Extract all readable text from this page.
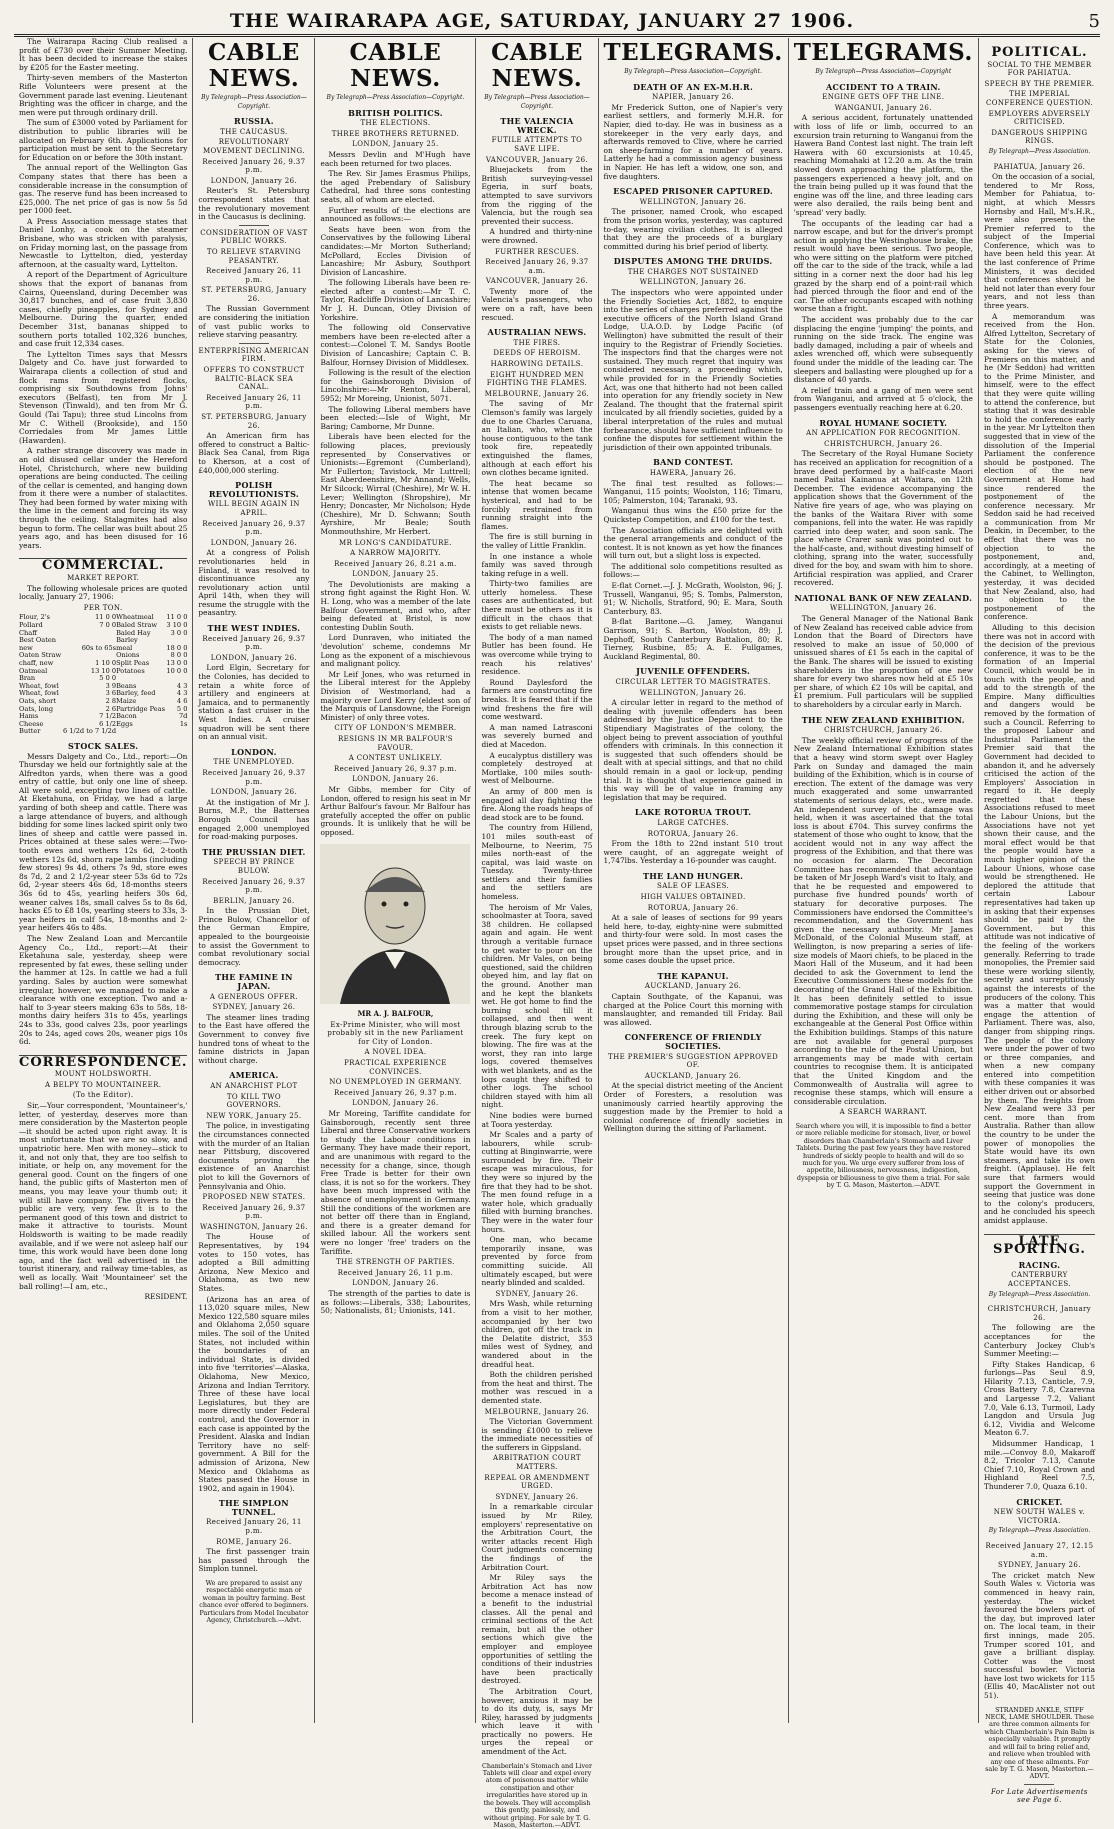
THE WAIRARAPA AGE, SATURDAY, JANUARY 27 1906.	5

The Wairarapa Racing Club realised a profit of £730 over their Summer Meeting. It has been decided to increase the stakes by £205 for the Easter meeting.

Thirty-seven members of the Masterton Rifle Volunteers were present at the Government parade last evening. Lieutenant Brighting was the officer in charge, and the men were put through ordinary drill.

The sum of £3000 voted by Parliament for distribution to public libraries will be allocated on February 6th. Applications for participation must be sent to the Secretary for Education on or before the 30th instant.

The annual report of the Wellington Gas Company states that there has been a considerable increase in the consumption of gas. The reserve fund has been increased to £25,000. The net price of gas is now 5s 5d per 1000 feet.

A Press Association message states that Daniel Lonhy, a cook on the steamer Brisbane, who was stricken with paralysis, on Friday morning last, on the passage from Newcastle to Lyttelton, died, yesterday afternoon, at the casualty ward, Lyttelton.

A report of the Department of Agriculture shows that the export of bananas from Cairns, Queensland, during December was 30,817 bunches, and of case fruit 3,830 cases, chiefly pineapples, for Sydney and Melbourne. During the quarter, ended December 31st, bananas shipped to southern ports totalled 102,326 bunches, and case fruit 12,334 cases.

The Lyttelton Times says that Messrs Dalgety and Co. have just forwarded to Wairarapa clients a collection of stud and flock rams from registered flocks, comprising six Southdowns from Johns' executors (Belfast), ten from Mr J. Stevenson (Tinwald), and ten from Mr G. Gould (Tai Tapu); three stud Lincolns from Mr C. Withell (Brookside), and 150 Corriedales from Mr James Little (Hawarden).

A rather strange discovery was made in an old disused cellar under the Hereford Hotel, Christchurch, where new building operations are being conducted. The ceiling of the cellar is cemented, and hanging down from it there were a number of stalactites. They had been formed by water mixing with the lime in the cement and forcing its way through the ceiling. Stalagmites had also begun to form. The cellar was built about 25 years ago, and has been disused for 16 years.

COMMERCIAL.
MARKET REPORT.

The following wholesale prices are quoted locally, January 27, 1906:

PER TON.
Flour, 2's	11 0 0	Wheatmeal	11 0 0
Pollard	7 0 0	Baled Straw	3 10 0
Chaff		Baled Hay	3 0 0
Best Oaten		Barley	
new	60s to 65s	meal	18 0 0
Oaten Straw		Onions	8 0 0
chaff, new	1 10 0	Split Peas	13 0 0
Oatmeal	13 10 0	Potatoes	10 0 0
Bran	5 0 0		
Wheat, fowl	3 9	Beans	4 3
Wheat, fowl	3 6	Barley, feed	4 3
Oats, short	2 8	Maize	4 6
Oats, long	2 6	Partridge Peas	5 0
Hams	7 1/2	Bacon	7d
Cheese	6 1/2	Eggs	1s
Butter	6 1/2d to 7 1/2d		
STOCK SALES.

Messrs Dalgety and Co., Ltd., report:—On Thursday we held our fortnightly sale at the Alfredton yards, when there was a good entry of cattle, but only one line of sheep. All were sold, excepting two lines of cattle. At Eketahuna, on Friday, we had a large yarding of both sheep and cattle. There was a large attendance of buyers, and although bidding for some lines lacked spirit only two lines of sheep and cattle were passed in. Prices obtained at these sales were:—Two-tooth ewes and wethers 12s 6d, 2-tooth wethers 12s 6d, shorn rape lambs (including few stores) 9s 4d, others 7s 9d, store ewes 8s 7d, 2 and 2 1/2-year steer 53s 6d to 72s 6d, 2-year steers 46s 6d, 18-months steers 36s 6d to 45s, yearling heifers 30s 6d, weaner calves 18s, small calves 5s to 8s 6d, hacks £5 to £8 10s, yearling steers to 33s, 3-year heifers in calf 54s, 18-months and 2-year heifers 46s to 48s.

The New Zealand Loan and Mercantile Agency Co., Ltd., report:—At their Eketahuna sale, yesterday, sheep were represented by fat ewes, these selling under the hammer at 12s. In cattle we had a full yarding. Sales by auction were somewhat irregular, however, we managed to make a clearance with one exception. Two and a-half to 3-year steers making 63s to 58s, 18-months dairy heifers 31s to 45s, yearlings 24s to 33s, good calves 23s, poor yearlings 20s to 24s, aged cows 20s, weaner pigs 10s 6d.

CORRESPONDENCE.
MOUNT HOLDSWORTH.
A BELPY TO MOUNTAINEER.
(To the Editor).

Sir,—Your correspondent, 'Mountaineer's,' letter, of yesterday, deserves more than mere consideration by the Masterton people—it should be acted upon right away. It is most unfortunate that we are so slow, and unpatriotic here. Men with money—stick to it, and not only that, they are too selfish to initiate, or help on, any movement for the general good. Count on the fingers of one hand, the public gifts of Masterton men of means, you may leave your thumb out; it will still have company. The givers to the public are very, very few. It is to the permanent good of this town and district to make it attractive to tourists. Mount Holdsworth is waiting to be made readily available, and if we were not asleep half our time, this work would have been done long ago, and the fact well advertised in the tourist itinerary, and railway time-tables, as well as locally. Wait 'Mountaineer' set the ball rolling!—I am, etc.,

RESIDENT.
CABLE NEWS.
By Telegraph—Press Association—Copyright.
RUSSIA.
THE CAUCASUS.
REVOLUTIONARY MOVEMENT DECLINING.
Received January 26, 9.37 p.m.
LONDON, January 26.

Reuter's St. Petersburg correspondent states that the revolutionary movement in the Caucasus is declining.

CONSIDERATION OF VAST PUBLIC WORKS.
TO RELIEVE STARVING PEASANTRY.
Received January 26, 11 p.m.
ST. PETERSBURG, January 26.

The Russian Government are considering the initiation of vast public works to relieve starving peasantry.

ENTERPRISING AMERICAN FIRM.
OFFERS TO CONSTRUCT BALTIC-BLACK SEA CANAL.
Received January 26, 11 p.m.
ST. PETERSBURG, January 26.

An American firm has offered to construct a Baltic-Black Sea Canal, from Riga to Kherson, at a cost of £40,000,000 sterling.

POLISH REVOLUTIONISTS.
WILL BEGIN AGAIN IN APRIL.
Received January 26, 9.37 p.m.
LONDON, January 26.

At a congress of Polish revolutionaries held in Finland, it was resolved to discontinuance any revolutionary action until April 14th, when they will resume the struggle with the peasantry.

THE WEST INDIES.
Received January 26, 9.37 p.m.
LONDON, January 26.

Lord Elgin, Secretary for the Colonies, has decided to retain a white force of artillery and engineers at Jamaica, and to permanently station a fast cruiser in the West Indies. A cruiser squadron will be sent there on an annual visit.

LONDON.
THE UNEMPLOYED.
Received January 26, 9.37 p.m.
LONDON, January 26.

At the instigation of Mr J. Burns, M.P., the Battersea Borough Council has engaged 2,000 unemployed for road-making purposes.

THE PRUSSIAN DIET.
SPEECH BY PRINCE BULOW.
Received January 26, 9.37 p.m.
BERLIN, January 26.

In the Prussian Diet, Prince Bulow, Chancellor of the German Empire, appealed to the bourgeoisie to assist the Government to combat revolutionary social democracy.

THE FAMINE IN JAPAN.
A GENEROUS OFFER.
SYDNEY, January 26.

The steamer lines trading to the East have offered the Government to convey five hundred tons of wheat to the famine districts in Japan without charge.

AMERICA.
AN ANARCHIST PLOT
TO KILL TWO GOVERNORS.
NEW YORK, January 25.

The police, in investigating the circumstances connected with the murder of an Italian near Pittsburg, discovered documents proving the existence of an Anarchist plot to kill the Governors of Pennsylvania and Ohio.

PROPOSED NEW STATES.
Received January 26, 9.37 p.m.
WASHINGTON, January 26.

The House of Representatives, by 194 votes to 150 votes, has adopted a Bill admitting Arizona, New Mexico and Oklahoma, as two new States.

(Arizona has an area of 113,020 square miles, New Mexico 122,580 square miles and Oklahoma 2,050 square miles. The soil of the United States, not included within the boundaries of an individual State, is divided into five 'territories'—Alaska, Oklahoma, New Mexico, Arizona and Indian Territory. Three of these have local Legislatures, but they are more directly under Federal control, and the Governor in each case is appointed by the President. Alaska and Indian Territory have no self-government. A Bill for the admission of Arizona, New Mexico and Oklahoma as States passed the House in 1902, and again in 1904).

THE SIMPLON TUNNEL.
Received January 26, 11 p.m.
ROME, January 26.

The first passenger train has passed through the Simplon tunnel.

We are prepared to assist any respectable energetic man or woman in poultry farming. Best chance ever offered to beginners. Particulars from Model Incubator Agency, Christchurch.—Advt.
CABLE NEWS.
By Telegraph—Press Association—Copyright.
BRITISH POLITICS.
THE ELECTIONS.
THREE BROTHERS RETURNED.
LONDON, January 25.

Messrs Devlin and M'Hugh have each been returned for two places.

The Rev. Sir James Erasmus Philips, the aged Prebendary of Salisbury Cathedral, had three sons contesting seats, all of whom are elected.

Further results of the elections are announced as follows:—

Seats have been won from the Conservatives by the following Liberal candidates:—Mr Morton Sutherland; McPollard, Eccles Division of Lancashire; Mr Asbury, Southport Division of Lancashire.

The following Liberals have been re-elected after a contest:—Mr T. C. Taylor, Radcliffe Division of Lancashire; Mr J. H. Duncan, Otley Division of Yorkshire.

The following old Conservative members have been re-elected after a contest:—Colonel T. M. Sandys Bootle Division of Lancashire; Captain C. B. Balfour, Hornsey Division of Middlesex.

Following is the result of the election for the Gainsborough Division of Lincolnshire:—Mr Renton, Liberal, 5952; Mr Moreing, Unionist, 5071.

The following Liberal members have been elected:—Isle of Wight, Mr Baring; Camborne, Mr Dunne.

Liberals have been elected for the following places, previously represented by Conservatives or Unionists:—Egremont (Cumberland), Mr Fullerton; Tavistock, Mr Luttrell; East Aberdeenshire, Mr Annand; Wells, Mr Silcock; Wirral (Cheshire), Mr W. H. Lever; Wellington (Shropshire), Mr Henry; Doncaster, Mr Nicholson; Hyde (Cheshire), Mr D. Schwann; South Ayrshire, Mr Beale; South Monmouthshire, Mr Herbert.

MR LONG'S CANDIDATURE.
A NARROW MAJORITY.
Received January 26, 8.21 a.m.
LONDON, January 25.

The Devolutionists are making a strong fight against the Right Hon. W. H. Long, who was a member of the late Balfour Government, and who, after being defeated at Bristol, is now contesting Dublin South.

Lord Dunraven, who initiated the 'devolution' scheme, condemns Mr Long as the exponent of a mischievous and malignant policy.

Mr Leif Jones, who was returned in the Liberal interest for the Appleby Division of Westmorland, had a majority over Lord Kerry (eldest son of the Marquis of Lansdowne, the Foreign Minister) of only three votes.

CITY OF LONDON'S MEMBER.
RESIGNS IN MR BALFOUR'S FAVOUR.
A CONTEST UNLIKELY.
Received January 26, 9.37 p.m.
LONDON, January 26.

Mr Gibbs, member for City of London, offered to resign his seat in Mr Arthur Balfour's favour. Mr Balfour has gratefully accepted the offer on public grounds. It is unlikely that he will be opposed.

MR A. J. BALFOUR,
Ex-Prime Minister, who will most probably sit in the new Parliament for City of London.
A NOVEL IDEA.
PRACTICAL EXPERIENCE CONVINCES.
NO UNEMPLOYED IN GERMANY.
Received January 26, 9.37 p.m.
LONDON, January 26.

Mr Moreing, Tariffite candidate for Gainsborough, recently sent three Liberal and three Conservative workers to study the Labour conditions in Germany. They have made their report, and are unanimous with regard to the necessity for a change, since, though Free Trade is better for their own class, it is not so for the workers. They have been much impressed with the absence of unemployment in Germany. Still the conditions of the workmen are not better off there than in England, and there is a greater demand for skilled labour. All the workers sent were no longer 'free' traders on the Tariffite.

THE STRENGTH OF PARTIES.
Received January 26, 11 p.m.
LONDON, January 26.

The strength of the parties to date is as follows:—Liberals, 338; Labourites, 50; Nationalists, 81; Unionists, 141.

CABLE NEWS.
By Telegraph—Press Association—Copyright.
THE VALENCIA WRECK.
FUTILE ATTEMPTS TO SAVE LIFE.
VANCOUVER, January 26.

Bluejackets from the British surveying-vessel Egeria, in surf boats, attempted to save survivors from the rigging of the Valencia, but the rough sea prevented their success.

A hundred and thirty-nine were drowned.

FURTHER RESCUES.
Received January 26, 9.37 a.m.
VANCOUVER, January 26.

Twenty more of the Valencia's passengers, who were on a raft, have been rescued.

AUSTRALIAN NEWS.
THE FIRES.
DEEDS OF HEROISM.
HARROWING DETAILS.
EIGHT HUNDRED MEN FIGHTING THE FLAMES.
MELBOURNE, January 26.

The saving of Mr Clemson's family was largely due to one Charles Caruana, an Italian, who, when the house contiguous to the tank took fire, repeatedly extinguished the flames, although at each effort his own clothes became ignited.

The heat became so intense that women became hysterical, and had to be forcibly restrained from running straight into the flames.

The fire is still burning in the valley of Little Franklin.

In one instance a whole family was saved through taking refuge in a well.

Thirty-two families are utterly homeless. These cases are authenticated, but there must be others as it is difficult in the chaos that exists to get reliable news.

The body of a man named Butler has been found. He was overcome while trying to reach his relatives' residence.

Round Daylesford the farmers are constructing fire breaks. It is feared that if the wind freshens the fire will come westward.

A man named Latrasconi was severely burned and died at Macedon.

A eucalyptus distillery was completely destroyed at Mortlake, 100 miles south-west of Melbourne.

An army of 800 men is engaged all day fighting the fire. Along the roads heaps of dead stock are to be found.

The country from Hillend, 101 miles south-east of Melbourne, to Neerim, 75 miles north-east of the capital, was laid waste on Tuesday. Twenty-three settlers and their families and the settlers are homeless.

The heroism of Mr Vales, schoolmaster at Toora, saved 38 children. He collapsed again and again. He went through a veritable furnace to get water to pour on the children. Mr Vales, on being questioned, said the children obeyed him, and lay flat on the ground. Another man and he kept the blankets wet. He got home to find the burning school till it collapsed, and then went through blazing scrub to the creek. The fury kept on blowing. The fire was at the worst, they ran into large logs, covered themselves with wet blankets, and as the logs caught they shifted to other logs. The school children stayed with him all night.

Nine bodies were burned at Toora yesterday.

Mr Scales and a party of labourers, while scrub-cutting at Binginwarrie, were surrounded by fire. Their escape was miraculous, for they were so injured by the fire that they had to be shot. The men found refuge in a water hole, which gradually filled with burning branches. They were in the water four hours.

One man, who became temporarily insane, was prevented by force from committing suicide. All ultimately escaped, but were nearly blinded and scalded.

SYDNEY, January 26.

Mrs Wash, while returning from a visit to her mother, accompanied by her two children, got off the track in the Delatite district, 353 miles west of Sydney, and wandered about in the dreadful heat.

Both the children perished from the heat and thirst. The mother was rescued in a demented state.

MELBOURNE, January 26.

The Victorian Government is sending £1000 to relieve the immediate necessities of the sufferers in Gippsland.

ARBITRATION COURT MATTERS.
REPEAL OR AMENDMENT URGED.
SYDNEY, January 26.

In a remarkable circular issued by Mr Riley, employers' representative on the Arbitration Court, the writer attacks recent High Court judgments concerning the findings of the Arbitration Court.

Mr Riley says the Arbitration Act has now become a menace instead of a benefit to the industrial classes. All the penal and criminal sections of the Act remain, but all the other sections which give the employer and employee opportunities of settling the conditions of their industries have been practically destroyed.

The Arbitration Court, however, anxious it may be to do its duty, is, says Mr Riley, harassed by judgments which leave it with practically no powers. He urges the repeal or amendment of the Act.

Chamberlain's Stomach and Liver Tablets will clear and expel every atom of poisonous matter while constipation and other irregularities have stored up in the bowels. They will accomplish this gently, painlessly, and without griping. For sale by T. G. Mason, Masterton.—ADVT.
TELEGRAMS.
By Telegraph—Press Association—Copyright.
DEATH OF AN EX-M.H.R.
NAPIER, January 26.

Mr Frederick Sutton, one of Napier's very earliest settlers, and formerly M.H.R. for Napier, died to-day. He was in business as a storekeeper in the very early days, and afterwards removed to Clive, where he carried on sheep-farming for a number of years. Latterly he had a commission agency business in Napier. He has left a widow, one son, and five daughters.

ESCAPED PRISONER CAPTURED.
WELLINGTON, January 26.

The prisoner, named Crook, who escaped from the prison works, yesterday, was captured to-day, wearing civilian clothes. It is alleged that they are the proceeds of a burglary committed during his brief period of liberty.

DISPUTES AMONG THE DRUIDS.
THE CHARGES NOT SUSTAINED
WELLINGTON, January 26.

The inspectors who were appointed under the Friendly Societies Act, 1882, to enquire into the series of charges preferred against the executive officers of the North Island Grand Lodge, U.A.O.D. by Lodge Pacific (of Wellington) have submitted the result of their inquiry to the Registrar of Friendly Societies. The inspectors find that the charges were not sustained. They much regret that inquiry was considered necessary, a proceeding which, while provided for in the Friendly Societies Act, was one that hitherto had not been called into operation for any friendly society in New Zealand. The thought that the fraternal spirit inculcated by all friendly societies, guided by a liberal interpretation of the rules and mutual forbearance, should have sufficient influence to confine the disputes for settlement within the jurisdiction of their own appointed tribunals.

BAND CONTEST.
HAWERA, January 26.

The final test resulted as follows:—Wanganui, 115 points; Woolston, 116; Timaru, 105; Palmerston, 104; Taranaki, 93.

Wanganui thus wins the £50 prize for the Quickstep Competition, and £100 for the test.

The Association officials are delighted with the general arrangements and conduct of the contest. It is not known as yet how the finances will turn out, but a slight loss is expected.

The additional solo competitions resulted as follows:—

E-flat Cornet.—J. J. McGrath, Woolston, 96; J. Trussell, Wanganui, 95; S. Tombs, Palmerston, 91; W. Nicholls, Stratford, 90; E. Mara, South Canterbury, 83.

B-flat Baritone.—G. Jamey, Wanganui Garrison, 91; S. Barton, Woolston, 89; J. Dephoff, South Canterbury Battalion, 80; R. Tierney, Rusbine, 85; A. E. Fullgames, Auckland Regimental, 80.

JUVENILE OFFENDERS.
CIRCULAR LETTER TO MAGISTRATES.
WELLINGTON, January 26.

A circular letter in regard to the method of dealing with juvenile offenders has been addressed by the Justice Department to the Stipendiary Magistrates of the colony, the object being to prevent association of youthful offenders with criminals. In this connection it is suggested that such offenders should be dealt with at special sittings, and that no child should remain in a gaol or lock-up, pending trial. It is thought that experience gained in this way will be of value in framing any legislation that may be required.

LAKE ROTORUA TROUT.
LARGE CATCHES.
ROTORUA, January 26.

From the 18th to 22nd instant 510 trout were caught, of an aggregate weight of 1,747lbs. Yesterday a 16-pounder was caught.

THE LAND HUNGER.
SALE OF LEASES.
HIGH VALUES OBTAINED.
ROTORUA, January 26.

At a sale of leases of sections for 99 years held here, to-day, eighty-nine were submitted and thirty-four were sold. In most cases the upset prices were passed, and in three sections brought more than the upset price, and in some cases double the upset price.

THE KAPANUI.
AUCKLAND, January 26.

Captain Southgate, of the Kapanui, was charged at the Police Court this morning with manslaughter, and remanded till Friday. Bail was allowed.

CONFERENCE OF FRIENDLY SOCIETIES.
THE PREMIER'S SUGGESTION APPROVED OF.
AUCKLAND, January 26.

At the special district meeting of the Ancient Order of Foresters, a resolution was unanimously carried heartily approving the suggestion made by the Premier to hold a colonial conference of friendly societies in Wellington during the sitting of Parliament.

TELEGRAMS.
By Telegraph—Press Association—Copyright
ACCIDENT TO A TRAIN.
ENGINE GETS OFF THE LINE.
WANGANUI, January 26.

A serious accident, fortunately unattended with loss of life or limb, occurred to an excursion train returning to Wanganui from the Hawera Band Contest last night. The train left Hawera with 60 excursionists at 10.45, reaching Momahaki at 12.20 a.m. As the train slowed down approaching the platform, the passengers experienced a heavy jolt, and on the train being pulled up it was found that the engine was off the line, and three leading cars were also derailed, the rails being bent and 'spread' very badly.

The occupants of the leading car had a narrow escape, and but for the driver's prompt action in applying the Westinghouse brake, the result would have been serious. Two people, who were sitting on the platform were pitched off the car to the side of the track, while a lad sitting in a corner next the door had his leg grazed by the sharp end of a point-rail which had pierced through the floor and end of the car. The other occupants escaped with nothing worse than a fright.

The accident was probably due to the car displacing the engine 'jumping' the points, and running on the side track. The engine was badly damaged, including a pair of wheels and axles wrenched off, which were subsequently found under the middle of the leading car. The sleepers and ballasting were ploughed up for a distance of 40 yards.

A relief train and a gang of men were sent from Wanganui, and arrived at 5 o'clock, the passengers eventually reaching here at 6.20.

ROYAL HUMANE SOCIETY.
AN APPLICATION FOR RECOGNITION.
CHRISTCHURCH, January 26.

The Secretary of the Royal Humane Society has received an application for recognition of a brave deed performed by a half-caste Maori named Paitai Kainanua at Waitara, on 12th December. The evidence accompanying the application shows that the Government of the Native fire years of age, who was playing on the banks of the Waitara River with some companions, fell into the water. He was rapidly carried into deep water, and soon sank. The place where Crarer sank was pointed out to the half-caste, and, without divesting himself of clothing, sprang into the water, successfully dived for the boy, and swam with him to shore. Artificial respiration was applied, and Crarer recovered.

NATIONAL BANK OF NEW ZEALAND.
WELLINGTON, January 26.

The General Manager of the National Bank of New Zealand has received cable advice from London that the Board of Directors have resolved to make an issue of 50,000 of unissued shares of £1 5s each in the capital of the Bank. The shares will be issued to existing shareholders in the proportion of one new share for every two shares now held at £5 10s per share, of which £2 10s will be capital, and £1 premium. Full particulars will be supplied to shareholders by a circular early in March.

THE NEW ZEALAND EXHIBITION.
CHRISTCHURCH, January 26.

The weekly official review of progress of the New Zealand International Exhibition states that a heavy wind storm swept over Hagley Park on Sunday and damaged the main building of the Exhibition, which is in course of erection. The extent of the damage was very much exaggerated and some unwarranted statements of serious delays, etc., were made. An independent survey of the damage was held, when it was ascertained that the total loss is about £704. This survey confirms the statement of those who ought to know, that the accident would not in any way affect the progress of the Exhibition, and that there was no occasion for alarm. The Decoration Committee has recommended that advantage be taken of Mr Joseph Ward's visit to Italy, and that he be requested and empowered to purchase five hundred pounds' worth of statuary for decorative purposes. The Commissioners have endorsed the Committee's recommendation, and the Government has given the necessary authority. Mr James McDonald, of the Colonial Museum staff, at Wellington, is now preparing a series of life-size models of Maori chiefs, to be placed in the Maori Hall of the Museum, and it had been decided to ask the Government to lend the Executive Commissioners these models for the decorating of the Grand Hall of the Exhibition. It has been definitely settled to issue commemorative postage stamps for circulation during the Exhibition, and these will only be exchangeable at the General Post Office within the Exhibition buildings. Stamps of this nature are not available for general purposes according to the rule of the Postal Union, but arrangements may be made with certain countries to recognise them. It is anticipated that the United Kingdom and the Commonwealth of Australia will agree to recognise these stamps, which will ensure a considerable circulation.

A SEARCH WARRANT.
Search where you will, it is impossible to find a better or more reliable medicine for stomach, liver, or bowel disorders than Chamberlain's Stomach and Liver Tablets. During the past few years they have restored hundreds of sickly people to health and will do so much for you. We urge every sufferer from loss of appetite, biliousness, nervousness, indigestion, dyspepsia or biliousness to give them a trial. For sale by T. G. Mason, Masterton.—ADVT.
POLITICAL.
SOCIAL TO THE MEMBER FOR PAHIATUA.
SPEECH BY THE PREMIER.
THE IMPERIAL CONFERENCE QUESTION.
EMPLOYERS ADVERSELY CRITICISED.
DANGEROUS SHIPPING RINGS.
By Telegraph—Press Association.
PAHIATUA, January 26.

On the occasion of a social, tendered to Mr Ross, Member for Pahiatua, to-night, at which Messrs Hornsby and Hall, M's.H.R., were also present, the Premier referred to the subject of the Imperial Conference, which was to have been held this year. At the last conference of Prime Ministers, it was decided that conferences should be held not later than every four years, and not less than three years.

A memorandum was received from the Hon. Alfred Lyttelton, Secretary of State for the Colonies, asking for the views of Premiers on this matter, and he (Mr Seddon) had written to the Prime Minister, and himself, were to the effect that they were quite willing to attend the conference, but stating that it was desirable to hold the conference early in the year. Mr Lyttelton then suggested that in view of the dissolution of the Imperial Parliament the conference should be postponed. The election of the new Government at Home had since rendered the postponement of the conference necessary. Mr Seddon said he had received a communication from Mr Deakin, in December, to the effect that there was no objection to the postponement, and, accordingly, at a meeting of the Cabinet, to Wellington, yesterday, it was decided that New Zealand, also, had no objection to the postponement of the conference.

Alluding to this decision there was not in accord with the decision of the previous conference, it was to be the formation of an Imperial Council, which would be in touch with the people, and add to the strength of the Empire. Many difficulties and dangers would be removed by the formation of such a Council. Referring to the proposed Labour and Industrial Parliament the Premier said that the Government had decided to abandon it, and he adversely criticised the action of the Employers' Association in regard to it. He deeply regretted that these Associations refused to meet the Labour Unions, but the Associations have not yet shown their cause, and the moral effect would be that the people would have a much higher opinion of the Labour Unions, whose case would be strengthened. He deplored the attitude that certain Labour representatives had taken up in asking that their expenses should be paid by the Government, but this attitude was not indicative of the feeling of the workers generally. Referring to trade monopolies, the Premier said these were working silently, secretly and surreptitiously against the interests of the producers of the colony. This was a matter that would engage the attention of Parliament. There was, also, danger from shipping rings. The people of the colony were under the power of two or three companies, and when a new company entered into competition with these companies it was either driven out or absorbed by them. The freights from New Zealand were 33 per cent. more than from Australia. Rather than allow the country to be under the power of monopolies the State would have its own steamers, and take its own freight. (Applause). He felt sure that farmers would support the Government in seeing that justice was done to the colony's producers, and he concluded his speech amidst applause.

LATE SPORTING.
RACING.
CANTERBURY ACCEPTANCES.
By Telegraph—Press Association.
CHRISTCHURCH, January 26.

The following are the acceptances for the Canterbury Jockey Club's Summer Meeting:—

Fifty Stakes Handicap, 6 furlongs—Pas Seul 8.9, Hilarity 7.13, Canticle, 7.9, Cross Battery 7.8, Czarevna and Largesse 7.2, Valiant 7.0, Vale 6.13, Turmoil, Lady Langdon and Ursula Jug 6.12, Vividia and Welcome Meaton 6.7.

Midsummer Handicap, 1 mile.—Convoy 8.0, Makaroff 8.2, Tricolor 7.13, Canute Chief 7.10, Royal Crown and Highland Reel 7.5, Thunderer 7.0, Quaza 6.10.

CRICKET.
NEW SOUTH WALES v. VICTORIA.
By Telegraph—Press Association.
Received January 27, 12.15 a.m.
SYDNEY, January 26.

The cricket match New South Wales v. Victoria was commenced in heavy rain, yesterday. The wicket favoured the bowlers part of the day, but improved later on. The local team, in their first innings, made 205. Trumper scored 101, and gave a brilliant display. Cotter was the most successful bowler. Victoria have lost two wickets for 115 (Ellis 40, MacAlister not out 51).

STRANDED ANKLE, STIFF NECK, LAME SHOULDER. These are three common ailments for which Chamberlain's Pain Balm is especially valuable. It promptly and will fail to bring relief and, and relieve when troubled with any one of these ailments. For sale by T. G. Mason, Masterton.—ADVT.
For Late Advertisements see Page 6.
